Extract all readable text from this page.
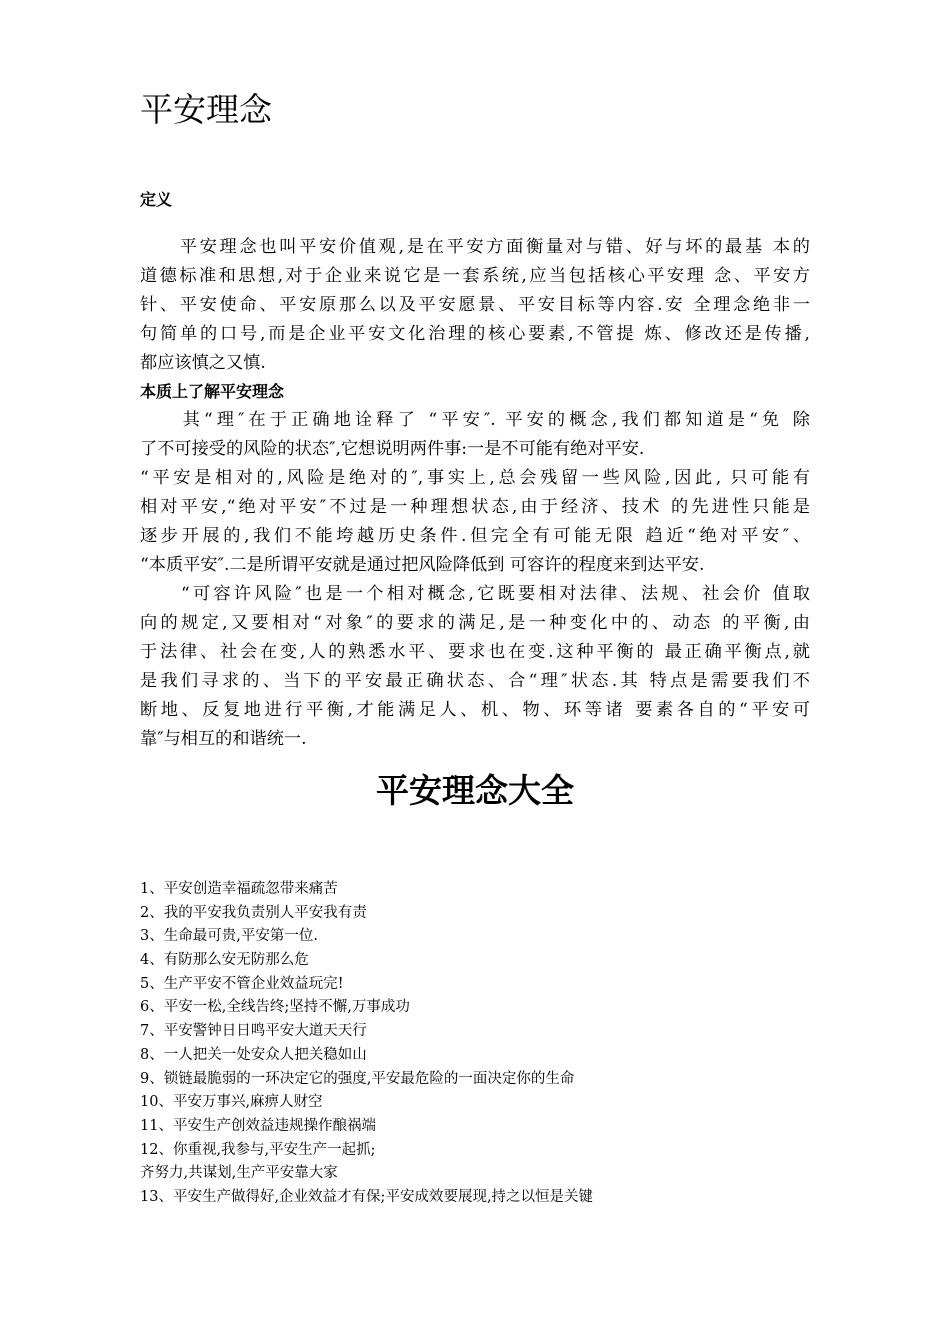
平安理念
定义
　　平安理念也叫平安价值观,是在平安方面衡量对与错、好与坏的最基 本的
道德标准和思想,对于企业来说它是一套系统,应当包括核心平安理 念、平安方
针、平安使命、平安原那么以及平安愿景、平安目标等内容.安 全理念绝非一
句简单的口号,而是企业平安文化治理的核心要素,不管提 炼、修改还是传播,
都应该慎之又慎.
本质上了解平安理念
　　其“理″在于正确地诠释了 “平安″. 平安的概念,我们都知道是“免 除
了不可接受的风险的状态″,它想说明两件事:一是不可能有绝对平安.
“平安是相对的,风险是绝对的″,事实上,总会残留一些风险,因此, 只可能有
相对平安,“绝对平安″不过是一种理想状态,由于经济、技术 的先进性只能是
逐步开展的,我们不能垮越历史条件.但完全有可能无限 趋近“绝对平安″、
“本质平安″.二是所谓平安就是通过把风险降低到 可容许的程度来到达平安.
　　“可容许风险″也是一个相对概念,它既要相对法律、法规、社会价 值取
向的规定,又要相对“对象″的要求的满足,是一种变化中的、动态 的平衡,由
于法律、社会在变,人的熟悉水平、要求也在变.这种平衡的 最正确平衡点,就
是我们寻求的、当下的平安最正确状态、合“理″状态.其 特点是需要我们不
断地、反复地进行平衡,才能满足人、机、物、环等诸 要素各自的“平安可
靠″与相互的和谐统一.
平安理念大全
1、平安创造幸福疏忽带来痛苦
2、我的平安我负责别人平安我有责
3、生命最可贵,平安第一位.
4、有防那么安无防那么危
5、生产平安不管企业效益玩完!
6、平安一松,全线告终;坚持不懈,万事成功
7、平安警钟日日鸣平安大道天天行
8、一人把关一处安众人把关稳如山
9、锁链最脆弱的一环决定它的强度,平安最危险的一面决定你的生命
10、平安万事兴,麻痹人财空
11、平安生产创效益违规操作酿祸端
12、你重视,我参与,平安生产一起抓;
齐努力,共谋划,生产平安靠大家
13、平安生产做得好,企业效益才有保;平安成效要展现,持之以恒是关键
